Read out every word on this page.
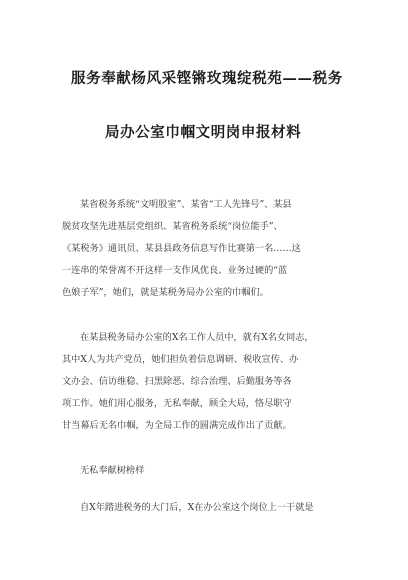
服务奉献杨风采铿锵玫瑰绽税苑——税务
局办公室巾帼文明岗申报材料
某省税务系统“文明股室”、某省“工人先锋号”、某县
脱贫攻坚先进基层党组织、某省税务系统“岗位能手”、
《某税务》通讯员、某县县政务信息写作比赛第一名……这
一连串的荣誉离不开这样一支作风优良、业务过硬的“蓝
色娘子军”，她们，就是某税务局办公室的巾帼们。
在某县税务局办公室的X名工作人员中，就有X名女同志，
其中X人为共产党员，她们担负着信息调研、税收宣传、办
文办会、信访维稳、扫黑除恶、综合治理、后勤服务等各
项工作。她们用心服务，无私奉献，顾全大局，恪尽职守
甘当幕后无名巾帼，为全局工作的圆满完成作出了贡献。
无私奉献树榜样
自X年踏进税务的大门后，X在办公室这个岗位上一干就是
